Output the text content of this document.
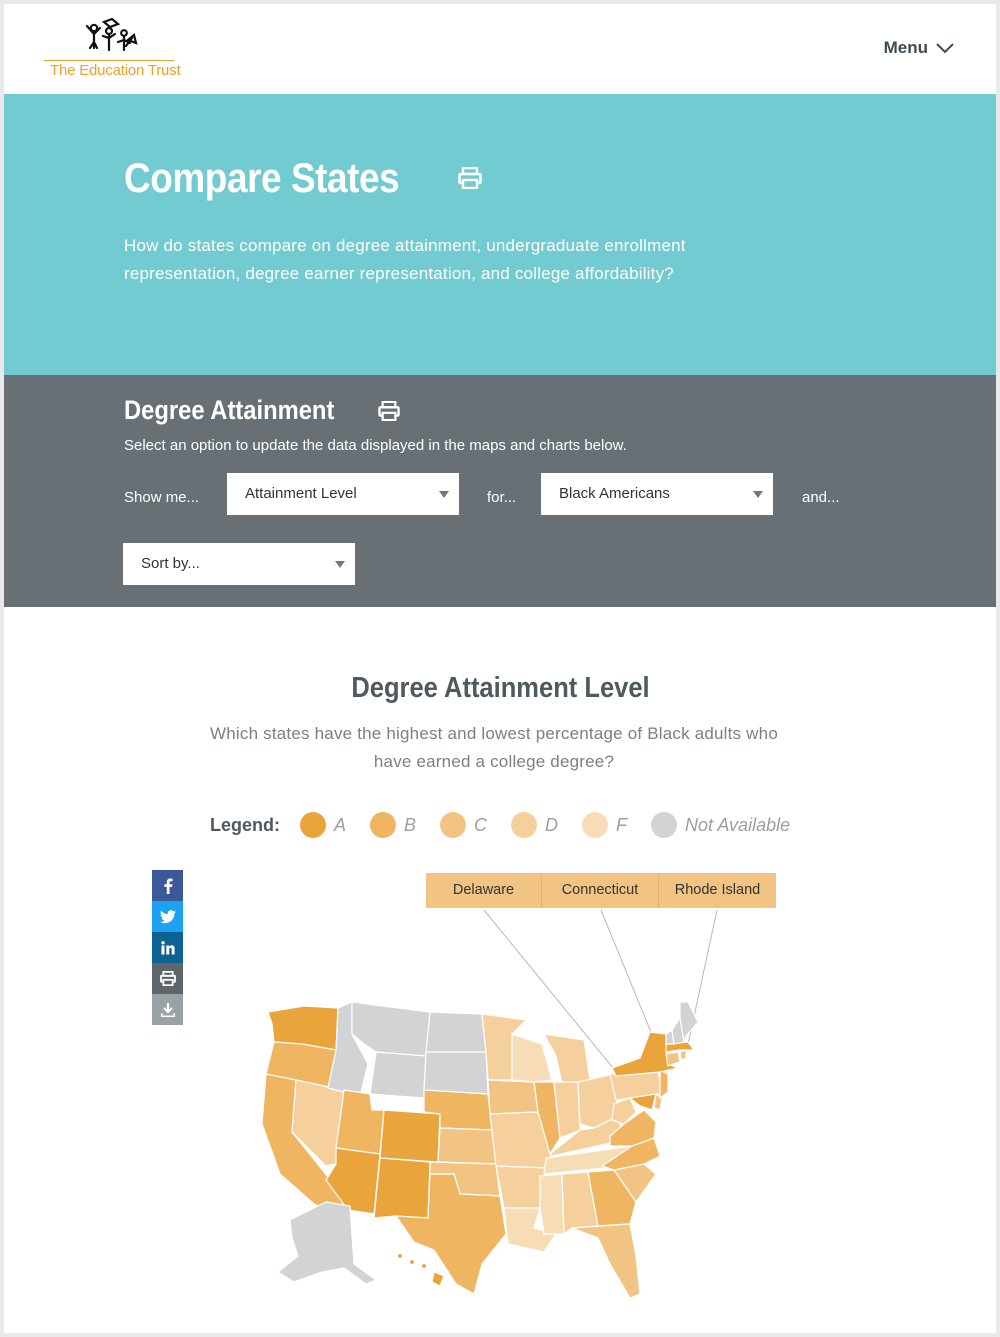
The Education Trust
Menu
Compare States
How do states compare on degree attainment, undergraduate enrollment representation, degree earner representation, and college affordability?
Degree Attainment
Select an option to update the data displayed in the maps and charts below.
Show me...	Attainment Level	for...	Black Americans	and...
Sort by...
Degree Attainment Level
Which states have the highest and lowest percentage of Black adults who have earned a college degree?
Legend:	A	B	C	D	F	Not Available
Delaware	Connecticut	Rhode Island
